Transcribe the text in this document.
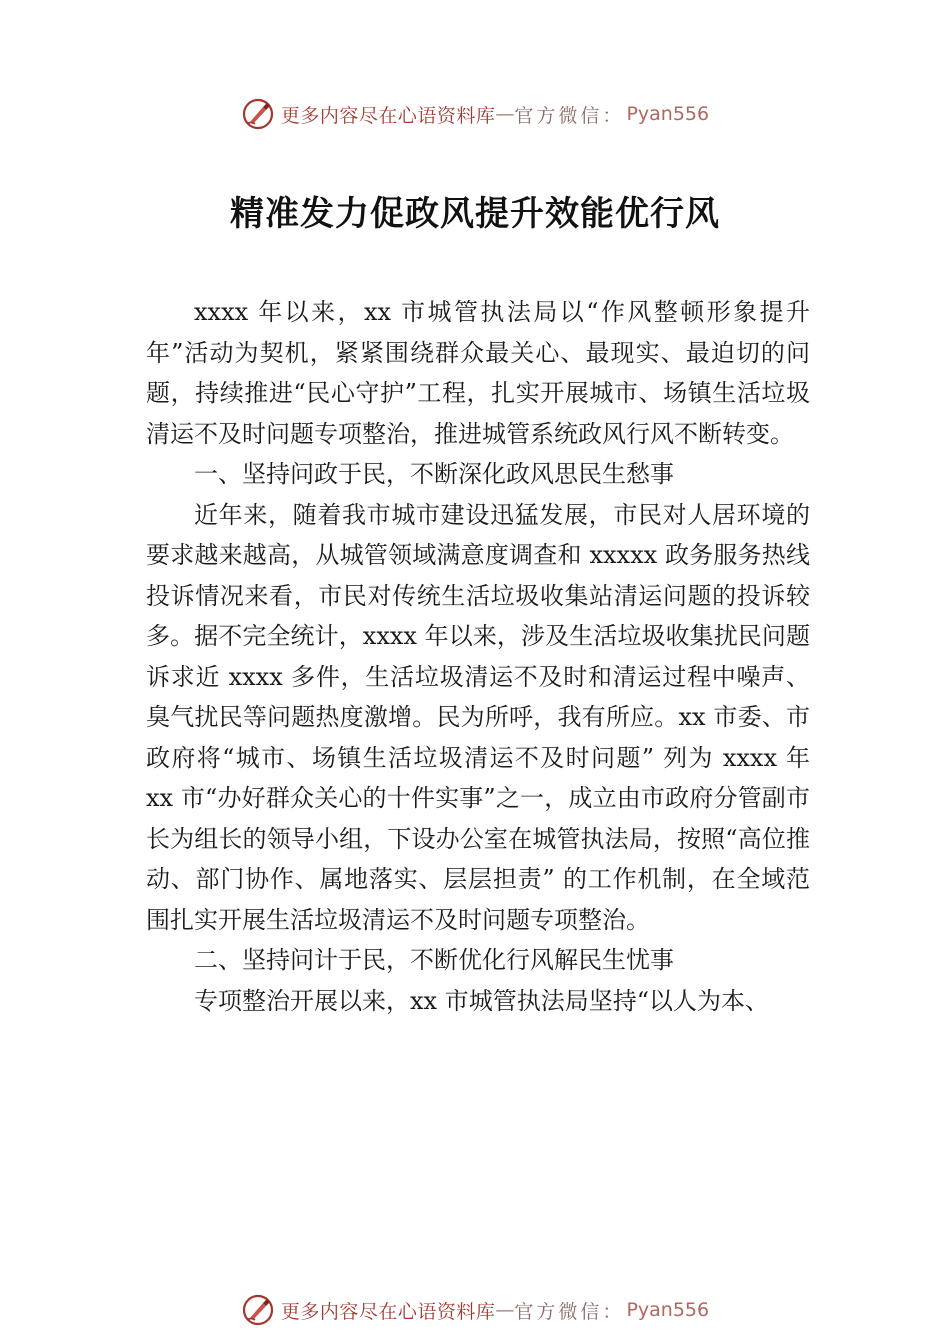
更多内容尽在心语资料库 — 官方微信： Pyan556
精准发力促政风提升效能优行风

xxxx 年以来，xx 市城管执法局以“作风整顿形象提升年”活动为契机，紧紧围绕群众最关心、最现实、最迫切的问题，持续推进“民心守护”工程，扎实开展城市、场镇生活垃圾清运不及时问题专项整治，推进城管系统政风行风不断转变。

一、坚持问政于民，不断深化政风思民生愁事

近年来，随着我市城市建设迅猛发展，市民对人居环境的要求越来越高，从城管领域满意度调查和 xxxxx 政务服务热线投诉情况来看，市民对传统生活垃圾收集站清运问题的投诉较多。据不完全统计，xxxx 年以来，涉及生活垃圾收集扰民问题诉求近 xxxx 多件，生活垃圾清运不及时和清运过程中噪声、臭气扰民等问题热度激增。民为所呼，我有所应。xx 市委、市政府将“城市、场镇生活垃圾清运不及时问题” 列为 xxxx 年 xx 市“办好群众关心的十件实事”之一，成立由市政府分管副市长为组长的领导小组，下设办公室在城管执法局，按照“高位推动、部门协作、属地落实、层层担责” 的工作机制，在全域范围扎实开展生活垃圾清运不及时问题专项整治。

二、坚持问计于民，不断优化行风解民生忧事

专项整治开展以来，xx 市城管执法局坚持“以人为本、

更多内容尽在心语资料库 — 官方微信： Pyan556
